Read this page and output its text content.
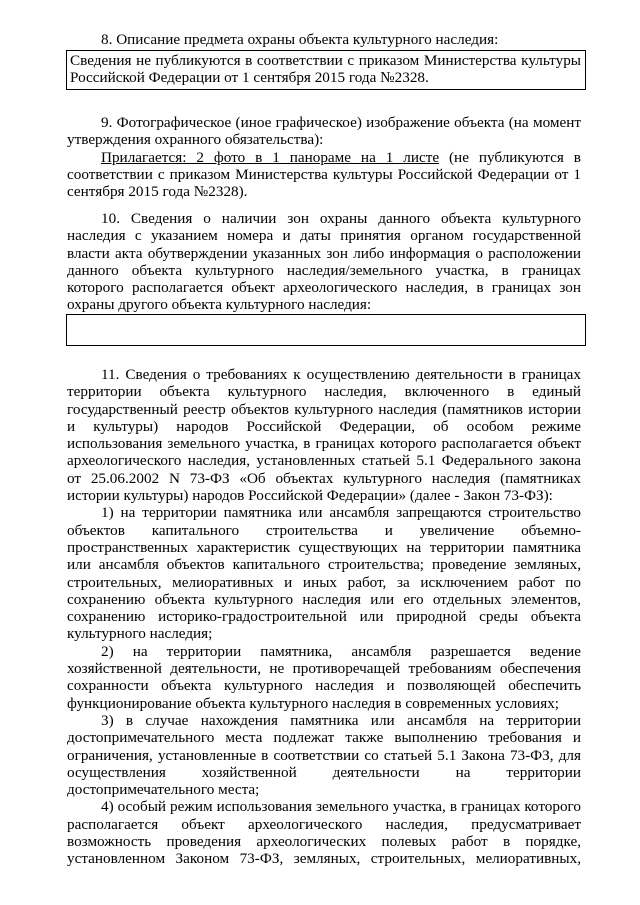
8. Описание предмета охраны объекта культурного наследия:
Сведения не публикуются в соответствии с приказом Министерства культуры
Российской Федерации от 1 сентября 2015 года №2328.
9. Фотографическое (иное графическое) изображение объекта (на момент
утверждения охранного обязательства):
Прилагается: 2 фото в 1 панораме на 1 листе (не публикуются в
соответствии с приказом Министерства культуры Российской Федерации от 1
сентября 2015 года №2328).
10. Сведения о наличии зон охраны данного объекта культурного
наследия с указанием номера и даты принятия органом государственной
власти акта обутверждении указанных зон либо информация о расположении
данного объекта культурного наследия/земельного участка, в границах
которого располагается объект археологического наследия, в границах зон
охраны другого объекта культурного наследия:
11. Сведения о требованиях к осуществлению деятельности в границах
территории объекта культурного наследия, включенного в единый
государственный реестр объектов культурного наследия (памятников истории
и культуры) народов Российской Федерации, об особом режиме
использования земельного участка, в границах которого располагается объект
археологического наследия, установленных статьей 5.1 Федерального закона
от 25.06.2002 N 73-ФЗ «Об объектах культурного наследия (памятниках
истории культуры) народов Российской Федерации» (далее - Закон 73-ФЗ):
1) на территории памятника или ансамбля запрещаются строительство
объектов капитального строительства и увеличение объемно-
пространственных характеристик существующих на территории памятника
или ансамбля объектов капитального строительства; проведение земляных,
строительных, мелиоративных и иных работ, за исключением работ по
сохранению объекта культурного наследия или его отдельных элементов,
сохранению историко-градостроительной или природной среды объекта
культурного наследия;
2) на территории памятника, ансамбля разрешается ведение
хозяйственной деятельности, не противоречащей требованиям обеспечения
сохранности объекта культурного наследия и позволяющей обеспечить
функционирование объекта культурного наследия в современных условиях;
3) в случае нахождения памятника или ансамбля на территории
достопримечательного места подлежат также выполнению требования и
ограничения, установленные в соответствии со статьей 5.1 Закона 73-ФЗ, для
осуществления хозяйственной деятельности на территории
достопримечательного места;
4) особый режим использования земельного участка, в границах которого
располагается объект археологического наследия, предусматривает
возможность проведения археологических полевых работ в порядке,
установленном Законом 73-ФЗ, земляных, строительных, мелиоративных,
